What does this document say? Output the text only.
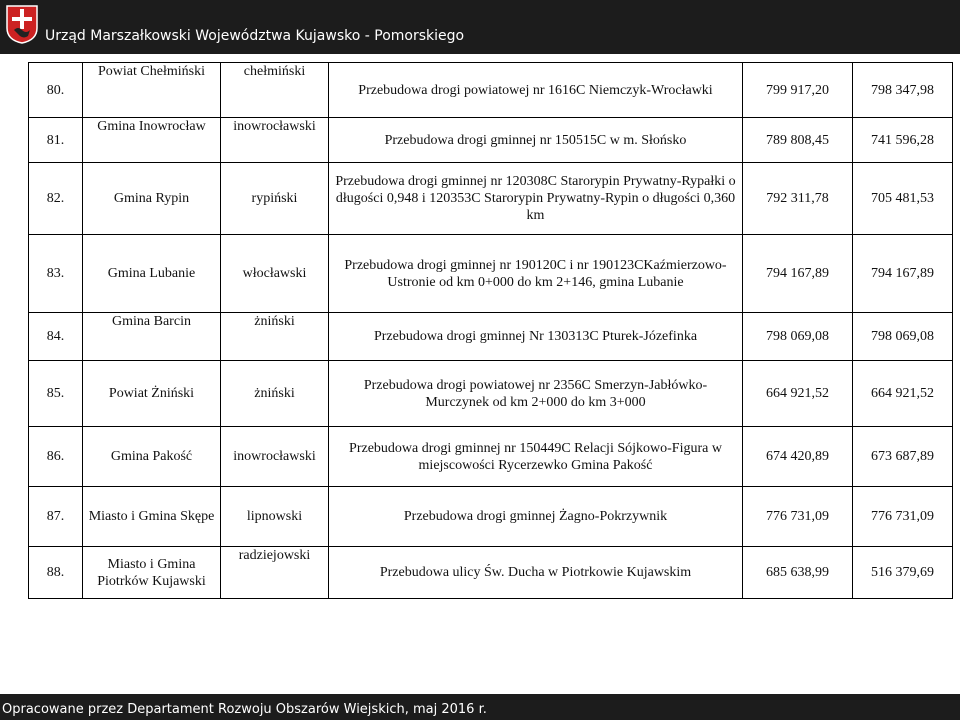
Urząd Marszałkowski Województwa Kujawsko - Pomorskiego
80.	Powiat Chełmiński	chełmiński	Przebudowa drogi powiatowej nr 1616C Niemczyk-Wrocławki	799 917,20	798 347,98
81.	Gmina Inowrocław	inowrocławski	Przebudowa drogi gminnej nr 150515C w m. Słońsko	789 808,45	741 596,28
82.	Gmina Rypin	rypiński	Przebudowa drogi gminnej nr 120308C Starorypin Prywatny-Rypałki o długości 0,948 i 120353C Starorypin Prywatny-Rypin o długości 0,360 km	792 311,78	705 481,53
83.	Gmina Lubanie	włocławski	Przebudowa drogi gminnej nr 190120C i nr 190123CKaźmierzowo-Ustronie od km 0+000 do km 2+146, gmina Lubanie	794 167,89	794 167,89
84.	Gmina Barcin	żniński	Przebudowa drogi gminnej Nr 130313C Pturek-Józefinka	798 069,08	798 069,08
85.	Powiat Żniński	żniński	Przebudowa drogi powiatowej nr 2356C Smerzyn-Jabłówko-Murczynek od km 2+000 do km 3+000	664 921,52	664 921,52
86.	Gmina Pakość	inowrocławski	Przebudowa drogi gminnej nr 150449C Relacji Sójkowo-Figura w miejscowości Rycerzewko Gmina Pakość	674 420,89	673 687,89
87.	Miasto i Gmina Skępe	lipnowski	Przebudowa drogi gminnej Żagno-Pokrzywnik	776 731,09	776 731,09
88.	Miasto i Gmina Piotrków Kujawski	radziejowski	Przebudowa ulicy Św. Ducha w Piotrkowie Kujawskim	685 638,99	516 379,69
Opracowane przez Departament Rozwoju Obszarów Wiejskich, maj 2016 r.
